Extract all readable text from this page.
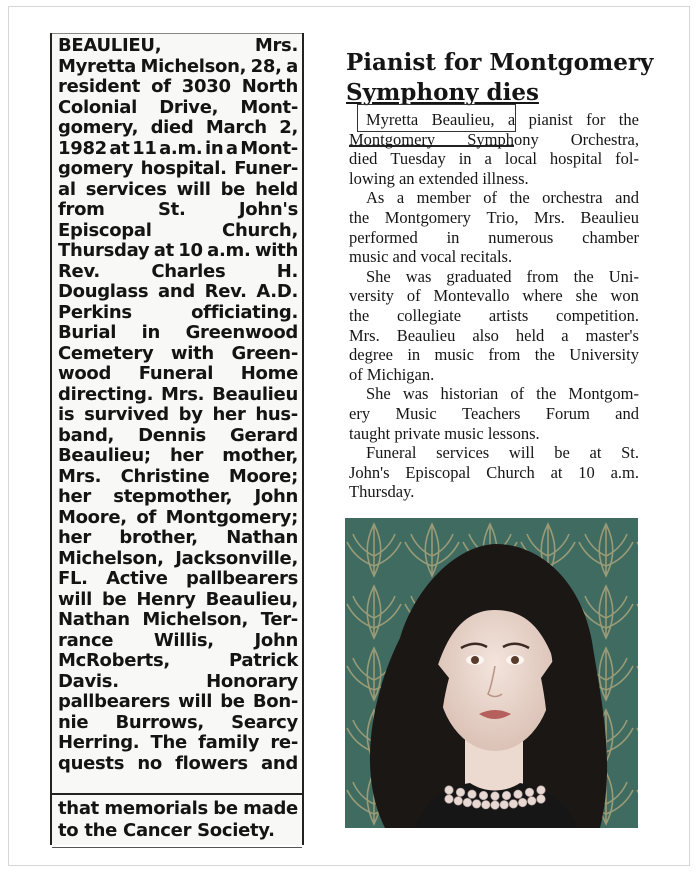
BEAULIEU,	Mrs.
Myretta Michelson, 28, a
resident of 3030 North
Colonial Drive, Mont-
gomery, died March 2,
1982 at 11 a.m. in a Mont-
gomery hospital. Funer-
al services will be held
from	St.	John's
Episcopal	Church,
Thursday at 10 a.m. with
Rev.	Charles	H.
Douglass and Rev. A.D.
Perkins	officiating.
Burial in Greenwood
Cemetery with Green-
wood Funeral Home
directing. Mrs. Beaulieu
is survived by her hus-
band, Dennis Gerard
Beaulieu; her mother,
Mrs. Christine Moore;
her stepmother, John
Moore, of Montgomery;
her brother, Nathan
Michelson, Jacksonville,
FL. Active pallbearers
will be Henry Beaulieu,
Nathan Michelson, Ter-
rance Willis, John
McRoberts,	Patrick
Davis.	Honorary
pallbearers will be Bon-
nie Burrows, Searcy
Herring. The family re-
quests no flowers and
that memorials be made
to the Cancer Society.
Pianist for Montgomery
Symphony dies
Myretta Beaulieu, a pianist for the
Montgomery Symphony Orchestra,
died Tuesday in a local hospital fol-
lowing an extended illness.
As a member of the orchestra and
the Montgomery Trio, Mrs. Beaulieu
performed in numerous chamber
music and vocal recitals.
She was graduated from the Uni-
versity of Montevallo where she won
the collegiate artists competition.
Mrs. Beaulieu also held a master's
degree in music from the University
of Michigan.
She was historian of the Montgom-
ery Music Teachers Forum and
taught private music lessons.
Funeral services will be at St.
John's Episcopal Church at 10 a.m.
Thursday.
